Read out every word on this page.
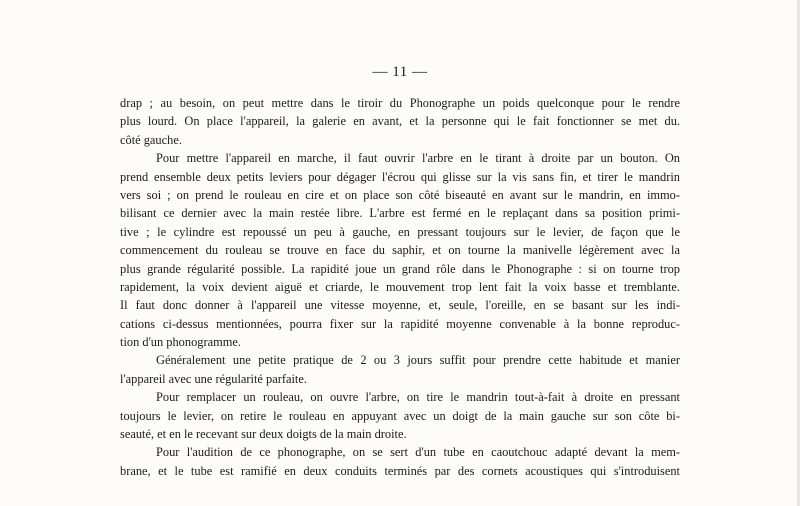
— 11 —
drap ; au besoin, on peut mettre dans le tiroir du Phonographe un poids quelconque pour le rendre
plus lourd. On place l'appareil, la galerie en avant, et la personne qui le fait fonctionner se met du.
côté gauche.
Pour mettre l'appareil en marche, il faut ouvrir l'arbre en le tirant à droite par un bouton. On
prend ensemble deux petits leviers pour dégager l'écrou qui glisse sur la vis sans fin, et tirer le mandrin
vers soi ; on prend le rouleau en cire et on place son côté biseauté en avant sur le mandrin, en immo-
bilisant ce dernier avec la main restée libre. L'arbre est fermé en le replaçant dans sa position primi-
tive ; le cylindre est repoussé un peu à gauche, en pressant toujours sur le levier, de façon que le
commencement du rouleau se trouve en face du saphir, et on tourne la manivelle légèrement avec la
plus grande régularité possible. La rapidité joue un grand rôle dans le Phonographe : si on tourne trop
rapidement, la voix devient aiguë et criarde, le mouvement trop lent fait la voix basse et tremblante.
Il faut donc donner à l'appareil une vitesse moyenne, et, seule, l'oreille, en se basant sur les indi-
cations ci-dessus mentionnées, pourra fixer sur la rapidité moyenne convenable à la bonne reproduc-
tion d'un phonogramme.
Généralement une petite pratique de 2 ou 3 jours suffit pour prendre cette habitude et manier
l'appareil avec une régularité parfaite.
Pour remplacer un rouleau, on ouvre l'arbre, on tire le mandrin tout-à-fait à droite en pressant
toujours le levier, on retire le rouleau en appuyant avec un doigt de la main gauche sur son côte bi-
seauté, et en le recevant sur deux doigts de la main droite.
Pour l'audition de ce phonographe, on se sert d'un tube en caoutchouc adapté devant la mem-
brane, et le tube est ramifié en deux conduits terminés par des cornets acoustiques qui s'introduisent
